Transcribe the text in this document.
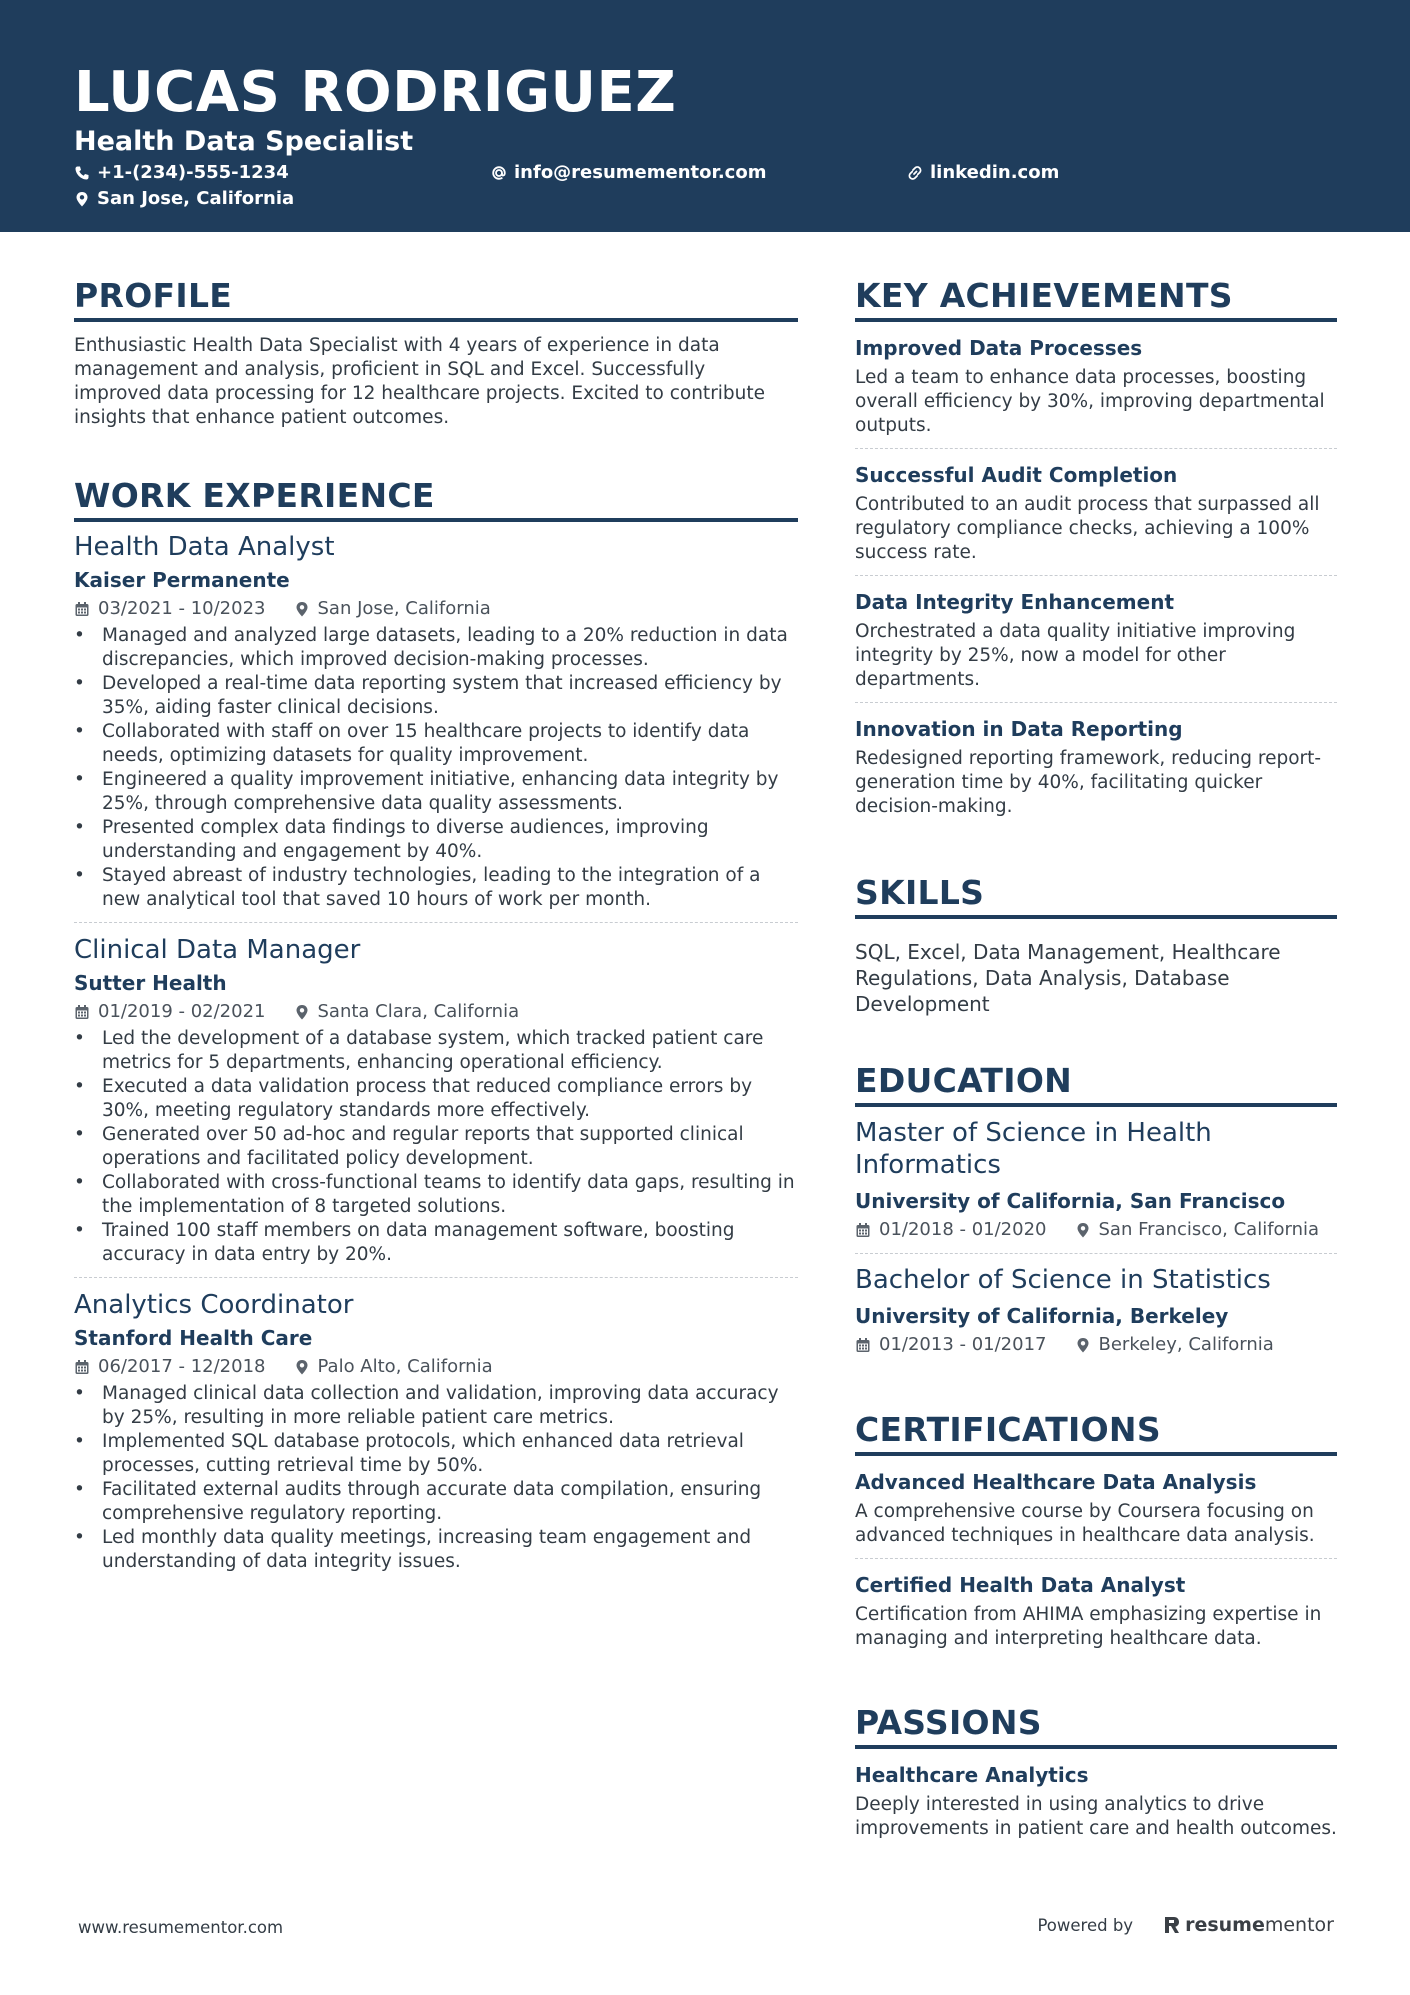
LUCAS RODRIGUEZ
Health Data Specialist
+1-(234)-555-1234	info@resumementor.com	linkedin.com
San Jose, California
PROFILE

Enthusiastic Health Data Specialist with 4 years of experience in data management and analysis, proficient in SQL and Excel. Successfully improved data processing for 12 healthcare projects. Excited to contribute insights that enhance patient outcomes.

WORK EXPERIENCE
Health Data Analyst
Kaiser Permanente
03/2021 - 10/2023	San Jose, California
• Managed and analyzed large datasets, leading to a 20% reduction in data discrepancies, which improved decision-making processes.
• Developed a real-time data reporting system that increased efficiency by 35%, aiding faster clinical decisions.
• Collaborated with staff on over 15 healthcare projects to identify data needs, optimizing datasets for quality improvement.
• Engineered a quality improvement initiative, enhancing data integrity by 25%, through comprehensive data quality assessments.
• Presented complex data findings to diverse audiences, improving understanding and engagement by 40%.
• Stayed abreast of industry technologies, leading to the integration of a new analytical tool that saved 10 hours of work per month.
Clinical Data Manager
Sutter Health
01/2019 - 02/2021	Santa Clara, California
• Led the development of a database system, which tracked patient care metrics for 5 departments, enhancing operational efficiency.
• Executed a data validation process that reduced compliance errors by 30%, meeting regulatory standards more effectively.
• Generated over 50 ad-hoc and regular reports that supported clinical operations and facilitated policy development.
• Collaborated with cross-functional teams to identify data gaps, resulting in the implementation of 8 targeted solutions.
• Trained 100 staff members on data management software, boosting accuracy in data entry by 20%.
Analytics Coordinator
Stanford Health Care
06/2017 - 12/2018	Palo Alto, California
• Managed clinical data collection and validation, improving data accuracy by 25%, resulting in more reliable patient care metrics.
• Implemented SQL database protocols, which enhanced data retrieval processes, cutting retrieval time by 50%.
• Facilitated external audits through accurate data compilation, ensuring comprehensive regulatory reporting.
• Led monthly data quality meetings, increasing team engagement and understanding of data integrity issues.
KEY ACHIEVEMENTS
Improved Data Processes

Led a team to enhance data processes, boosting overall efficiency by 30%, improving departmental outputs.

Successful Audit Completion

Contributed to an audit process that surpassed all regulatory compliance checks, achieving a 100% success rate.

Data Integrity Enhancement

Orchestrated a data quality initiative improving integrity by 25%, now a model for other departments.

Innovation in Data Reporting

Redesigned reporting framework, reducing report-generation time by 40%, facilitating quicker decision-making.

SKILLS

SQL, Excel, Data Management, Healthcare Regulations, Data Analysis, Database Development

EDUCATION
Master of Science in Health Informatics
University of California, San Francisco
01/2018 - 01/2020	San Francisco, California
Bachelor of Science in Statistics
University of California, Berkeley
01/2013 - 01/2017	Berkeley, California
CERTIFICATIONS
Advanced Healthcare Data Analysis

A comprehensive course by Coursera focusing on advanced techniques in healthcare data analysis.

Certified Health Data Analyst

Certification from AHIMA emphasizing expertise in managing and interpreting healthcare data.

PASSIONS
Healthcare Analytics

Deeply interested in using analytics to drive improvements in patient care and health outcomes.

www.resumementor.com	Powered by	resumementor
